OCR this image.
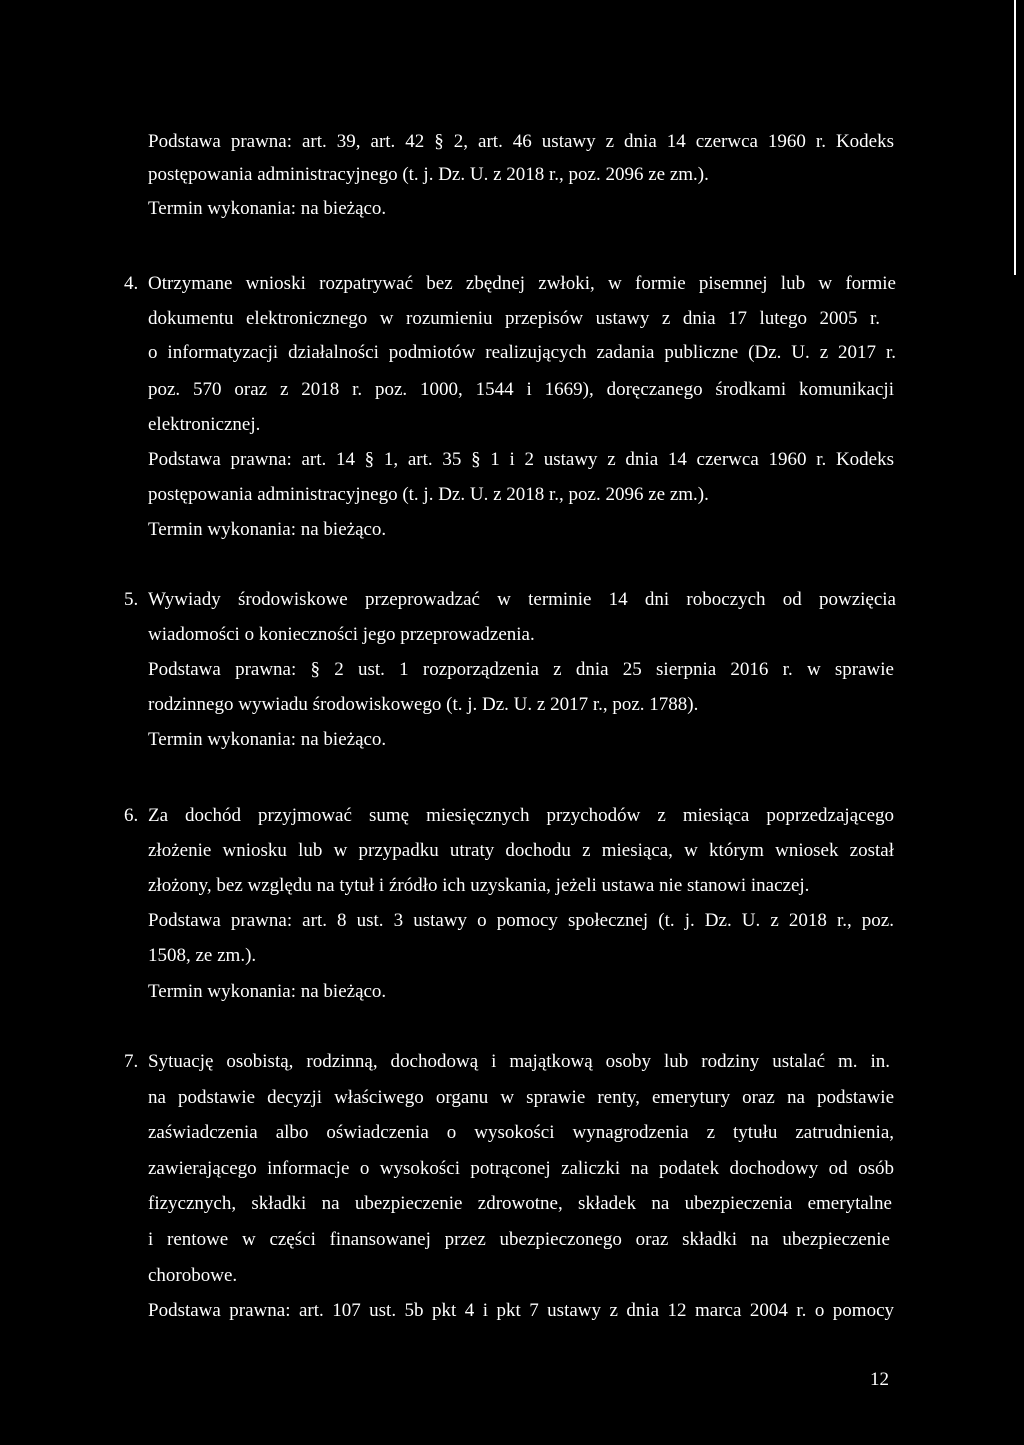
Podstawa prawna: art. 39, art. 42 § 2, art. 46 ustawy z dnia 14 czerwca 1960 r. Kodeks
postępowania administracyjnego (t. j. Dz. U. z 2018 r., poz. 2096 ze zm.).
Termin wykonania: na bieżąco.
4. Otrzymane wnioski rozpatrywać bez zbędnej zwłoki, w formie pisemnej lub w formie
dokumentu elektronicznego w rozumieniu przepisów ustawy z dnia 17 lutego 2005 r.
o informatyzacji działalności podmiotów realizujących zadania publiczne (Dz. U. z 2017 r.
poz. 570 oraz z 2018 r. poz. 1000, 1544 i 1669), doręczanego środkami komunikacji
elektronicznej.
Podstawa prawna: art. 14 § 1, art. 35 § 1 i 2 ustawy z dnia 14 czerwca 1960 r. Kodeks
postępowania administracyjnego (t. j. Dz. U. z 2018 r., poz. 2096 ze zm.).
Termin wykonania: na bieżąco.
5. Wywiady środowiskowe przeprowadzać w terminie 14 dni roboczych od powzięcia
wiadomości o konieczności jego przeprowadzenia.
Podstawa prawna: § 2 ust. 1 rozporządzenia z dnia 25 sierpnia 2016 r. w sprawie
rodzinnego wywiadu środowiskowego (t. j. Dz. U. z 2017 r., poz. 1788).
Termin wykonania: na bieżąco.
6. Za dochód przyjmować sumę miesięcznych przychodów z miesiąca poprzedzającego
złożenie wniosku lub w przypadku utraty dochodu z miesiąca, w którym wniosek został
złożony, bez względu na tytuł i źródło ich uzyskania, jeżeli ustawa nie stanowi inaczej.
Podstawa prawna: art. 8 ust. 3 ustawy o pomocy społecznej (t. j. Dz. U. z 2018 r., poz.
1508, ze zm.).
Termin wykonania: na bieżąco.
7. Sytuację osobistą, rodzinną, dochodową i majątkową osoby lub rodziny ustalać m. in.
na podstawie decyzji właściwego organu w sprawie renty, emerytury oraz na podstawie
zaświadczenia albo oświadczenia o wysokości wynagrodzenia z tytułu zatrudnienia,
zawierającego informacje o wysokości potrąconej zaliczki na podatek dochodowy od osób
fizycznych, składki na ubezpieczenie zdrowotne, składek na ubezpieczenia emerytalne
i rentowe w części finansowanej przez ubezpieczonego oraz składki na ubezpieczenie
chorobowe.
Podstawa prawna: art. 107 ust. 5b pkt 4 i pkt 7 ustawy z dnia 12 marca 2004 r. o pomocy
12
